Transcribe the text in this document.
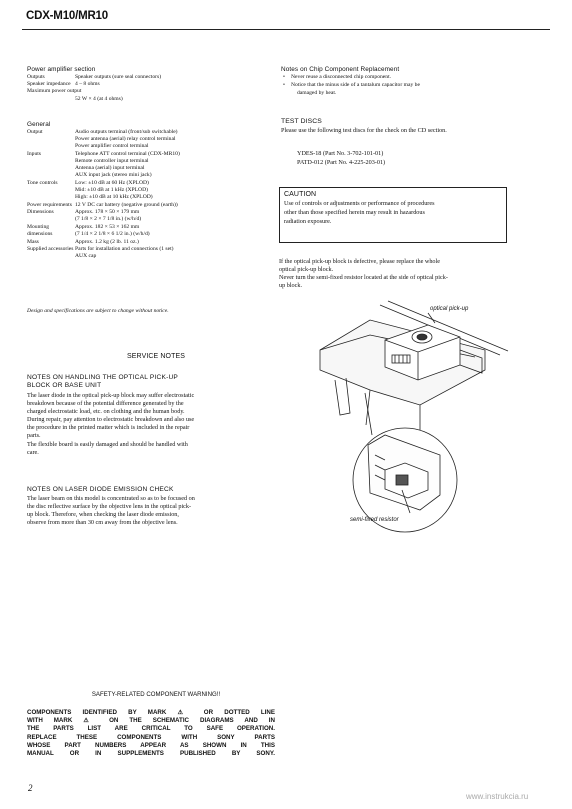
CDX-M10/MR10
Power amplifier section
Outputs	Speaker outputs (sure seal connectors)
Speaker impedance 4 – 8 ohms
Maximum power output
52 W × 4 (at 4 ohms)
General
Output	Audio outputs terminal (front/sub switchable)
Power antenna (aerial) relay control terminal
Power amplifier control terminal
Inputs	Telephone ATT control terminal (CDX-MR10)
Remote controller input terminal
Antenna (aerial) input terminal
AUX input jack (stereo mini jack)
Tone controls	Low: ±10 dB at 60 Hz (XPLOD)
Mid: ±10 dB at 1 kHz (XPLOD)
High: ±10 dB at 10 kHz (XPLOD)
Power requirements 12 V DC car battery (negative ground (earth))
Dimensions	Approx. 178 × 50 × 179 mm
(7 1/8 × 2 × 7 1/8 in.) (w/h/d)
Mounting dimensions
Approx. 182 × 53 × 162 mm
(7 1/4 × 2 1/8 × 6 1/2 in.) (w/h/d)
Mass	Approx. 1.2 kg (2 lb. 11 oz.)
Supplied accessories Parts for installation and connections (1 set)
AUX cap
Design and specifications are subject to change without notice.
SERVICE NOTES
NOTES ON HANDLING THE OPTICAL PICK-UP
BLOCK OR BASE UNIT
The laser diode in the optical pick-up block may suffer electrostatic
breakdown because of the potential difference generated by the
charged electrostatic load, etc. on clothing and the human body.
During repair, pay attention to electrostatic breakdown and also use
the procedure in the printed matter which is included in the repair
parts.
The flexible board is easily damaged and should be handled with
care.
NOTES ON LASER DIODE EMISSION CHECK
The laser beam on this model is concentrated so as to be focused on
the disc reflective surface by the objective lens in the optical pick-
up block. Therefore, when checking the laser diode emission,
observe from more than 30 cm away from the objective lens.
Notes on Chip Component Replacement
• Never reuse a disconnected chip component.
• Notice that the minus side of a tantalum capacitor may be
damaged by heat.
TEST DISCS
Please use the following test discs for the check on the CD section.
YDES-18 (Part No. 3-702-101-01)
PATD-012 (Part No. 4-225-203-01)
CAUTION
Use of controls or adjustments or performance of procedures
other than those specified herein may result in hazardous
radiation exposure.
If the optical pick-up block is defective, please replace the whole
optical pick-up block.
Never turn the semi-fixed resistor located at the side of optical pick-
up block.
optical pick-up
semi-fixed resistor
SAFETY-RELATED COMPONENT WARNING!!
COMPONENTS IDENTIFIED BY MARK ⚠ OR DOTTED LINE
WITH MARK ⚠ ON THE SCHEMATIC DIAGRAMS AND IN
THE PARTS LIST ARE CRITICAL TO SAFE OPERATION.
REPLACE THESE COMPONENTS WITH SONY PARTS
WHOSE PART NUMBERS APPEAR AS SHOWN IN THIS
MANUAL OR IN SUPPLEMENTS PUBLISHED BY SONY.
2
www.instrukcia.ru
